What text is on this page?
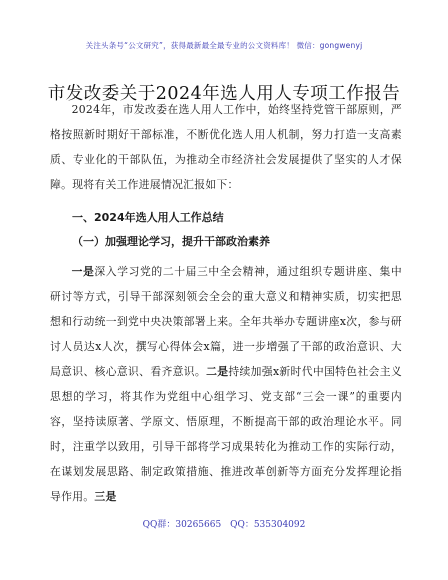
关注头条号“公文研究”，获得最新最全最专业的公文资料库！ 微信：gongwenyj
市发改委关于2024年选人用人专项工作报告
2024年，市发改委在选人用人工作中，始终坚持党管干部原则，严格按照新时期好干部标准，不断优化选人用人机制，努力打造一支高素质、专业化的干部队伍，为推动全市经济社会发展提供了坚实的人才保障。现将有关工作进展情况汇报如下：
一、2024年选人用人工作总结
（一）加强理论学习，提升干部政治素养
一是深入学习党的二十届三中全会精神，通过组织专题讲座、集中研讨等方式，引导干部深刻领会全会的重大意义和精神实质，切实把思想和行动统一到党中央决策部署上来。全年共举办专题讲座x次，参与研讨人员达x人次，撰写心得体会x篇，进一步增强了干部的政治意识、大局意识、核心意识、看齐意识。二是持续加强x新时代中国特色社会主义思想的学习，将其作为党组中心组学习、党支部“三会一课”的重要内容，坚持读原著、学原文、悟原理，不断提高干部的政治理论水平。同时，注重学以致用，引导干部将学习成果转化为推动工作的实际行动，在谋划发展思路、制定政策措施、推进改革创新等方面充分发挥理论指导作用。三是
QQ群：30265665 QQ：535304092
